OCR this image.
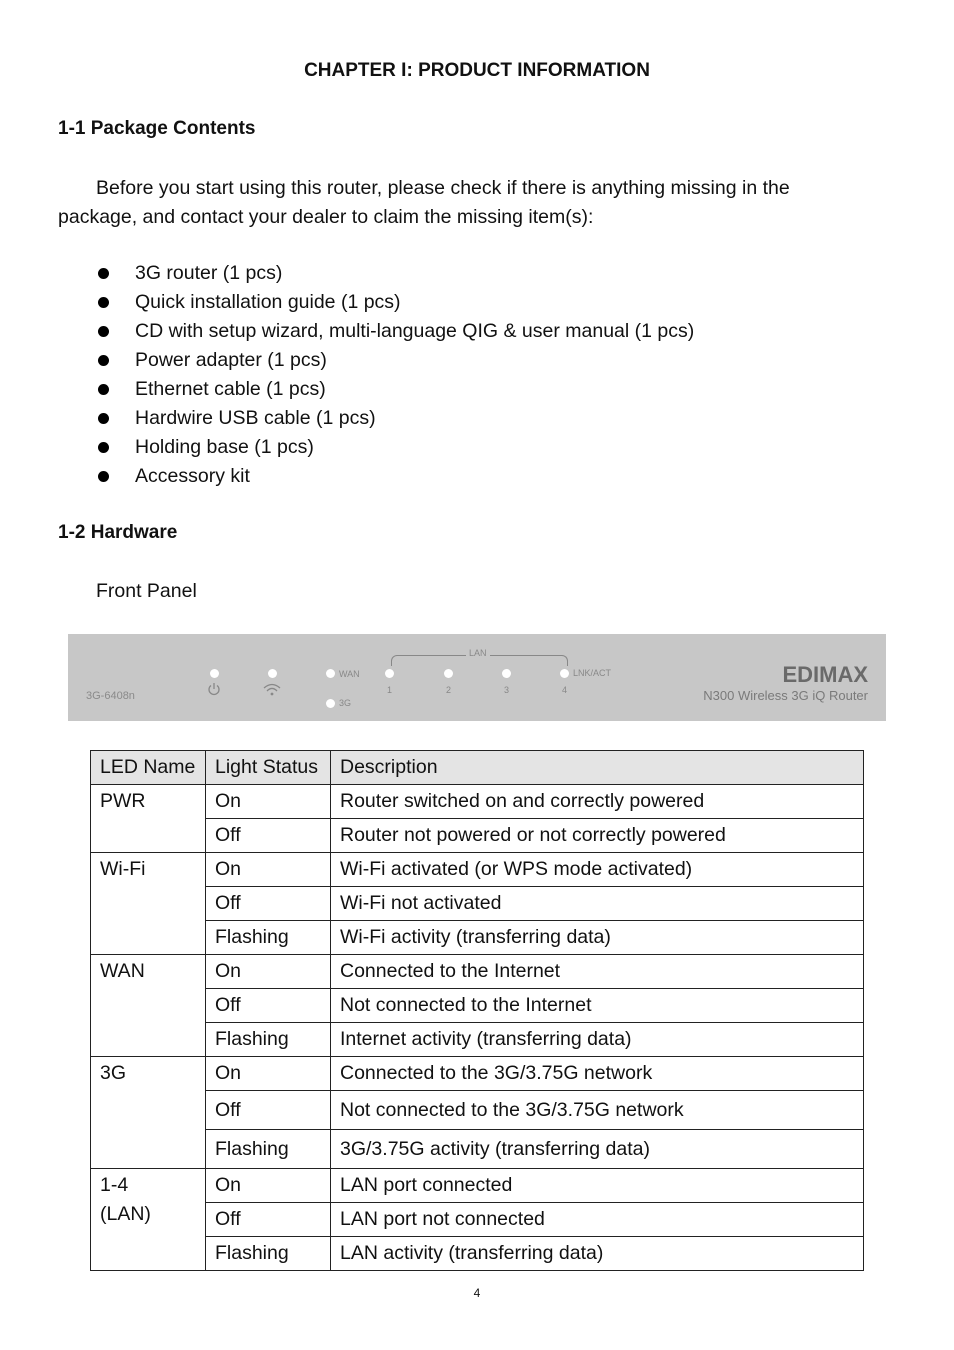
CHAPTER I: PRODUCT INFORMATION
1-1 Package Contents
Before you start using this router, please check if there is anything missing in the
package, and contact your dealer to claim the missing item(s):
3G router (1 pcs)
Quick installation guide (1 pcs)
CD with setup wizard, multi-language QIG & user manual (1 pcs)
Power adapter (1 pcs)
Ethernet cable (1 pcs)
Hardwire USB cable (1 pcs)
Holding base (1 pcs)
Accessory kit
1-2 Hardware
Front Panel
3G-6408n
WAN
3G
LAN
1	2	3	4
LNK/ACT	EDIMAX
N300 Wireless 3G iQ Router
LED Name	Light Status	Description
PWR	On	Router switched on and correctly powered
	Off	Router not powered or not correctly powered
Wi-Fi	On	Wi-Fi activated (or WPS mode activated)
	Off	Wi-Fi not activated
	Flashing	Wi-Fi activity (transferring data)
WAN	On	Connected to the Internet
	Off	Not connected to the Internet
	Flashing	Internet activity (transferring data)
3G	On	Connected to the 3G/3.75G network
	Off	Not connected to the 3G/3.75G network
	Flashing	3G/3.75G activity (transferring data)

1-4
(LAN)	On	LAN port connected
	Off	LAN port not connected
	Flashing	LAN activity (transferring data)
4
